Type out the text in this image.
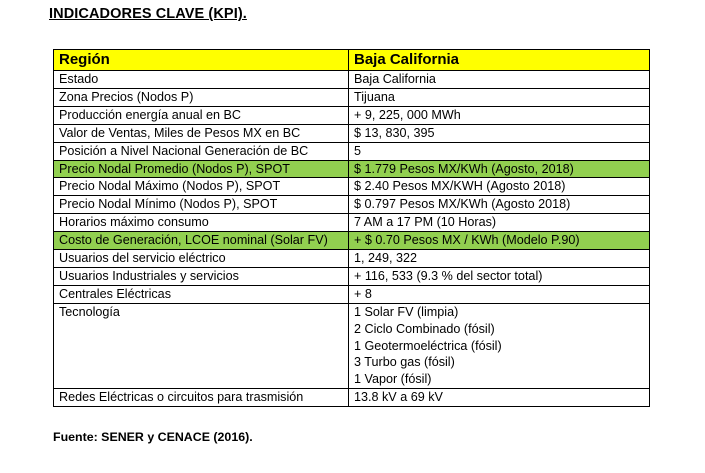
INDICADORES CLAVE (KPI).
Región	Baja California
Estado	Baja California
Zona Precios (Nodos P)	Tijuana
Producción energía anual en BC	+ 9, 225, 000 MWh
Valor de Ventas, Miles de Pesos MX en BC	$ 13, 830, 395
Posición a Nivel Nacional Generación de BC	5
Precio Nodal Promedio (Nodos P), SPOT	$ 1.779 Pesos MX/KWh (Agosto, 2018)
Precio Nodal Máximo (Nodos P), SPOT	$ 2.40 Pesos MX/KWH (Agosto 2018)
Precio Nodal Mínimo (Nodos P), SPOT	$ 0.797 Pesos MX/KWh (Agosto 2018)
Horarios máximo consumo	7 AM a 17 PM (10 Horas)
Costo de Generación, LCOE nominal (Solar FV)	+ $ 0.70 Pesos MX / KWh (Modelo P.90)
Usuarios del servicio eléctrico	1, 249, 322
Usuarios Industriales y servicios	+ 116, 533 (9.3 % del sector total)
Centrales Eléctricas	+ 8
Tecnología	1 Solar FV (limpia)
2 Ciclo Combinado (fósil)
1 Geotermoeléctrica (fósil)
3 Turbo gas (fósil)
1 Vapor (fósil)

Redes Eléctricas o circuitos para trasmisión	13.8 kV a 69 kV
Fuente: SENER y CENACE (2016).
